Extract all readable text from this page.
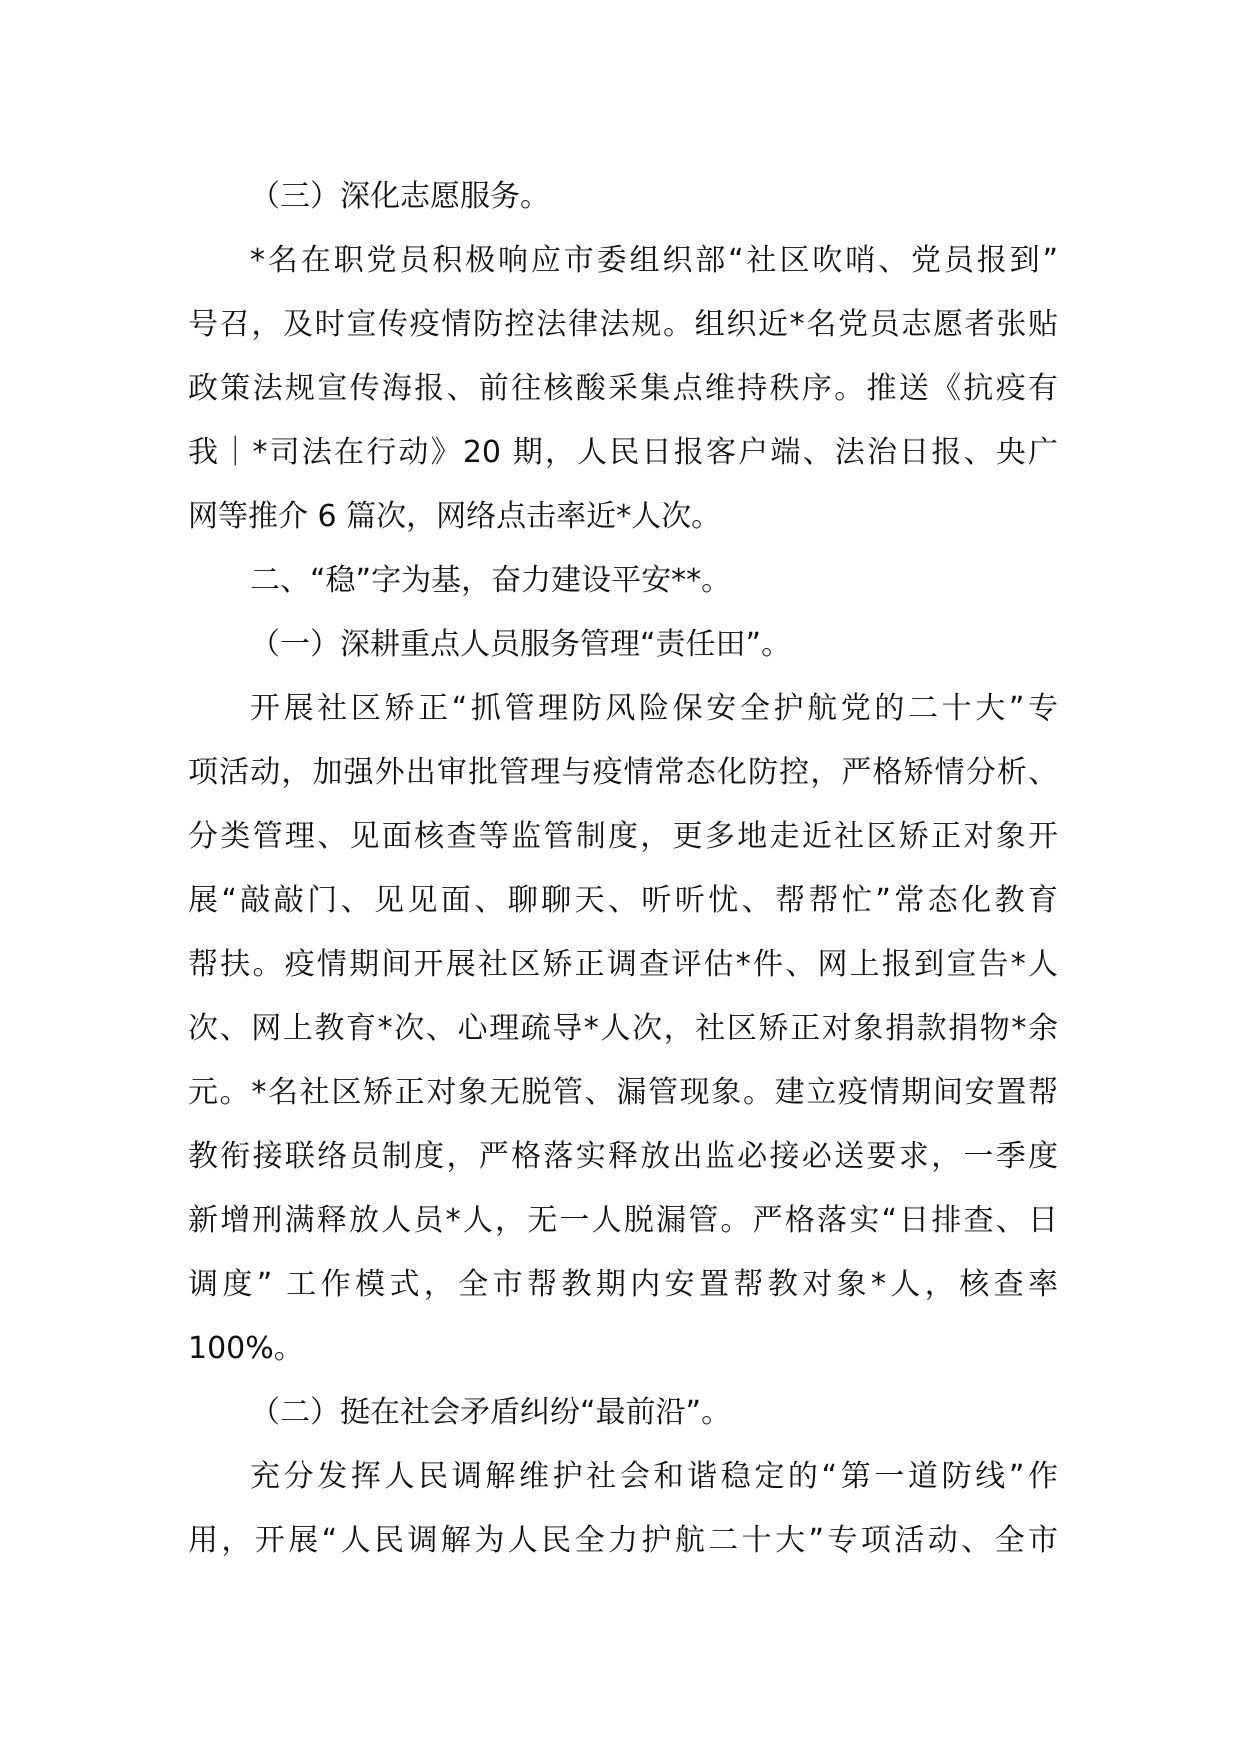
（三）深化志愿服务。

*名在职党员积极响应市委组织部“社区吹哨、党员报到”

号召，及时宣传疫情防控法律法规。组织近*名党员志愿者张贴

政策法规宣传海报、前往核酸采集点维持秩序。推送《抗疫有

我｜*司法在行动》20 期，人民日报客户端、法治日报、央广

网等推介 6 篇次，网络点击率近*人次。

二、“稳”字为基，奋力建设平安**。

（一）深耕重点人员服务管理“责任田”。

开展社区矫正“抓管理防风险保安全护航党的二十大”专

项活动，加强外出审批管理与疫情常态化防控，严格矫情分析、

分类管理、见面核查等监管制度，更多地走近社区矫正对象开

展“敲敲门、见见面、聊聊天、听听忧、帮帮忙”常态化教育

帮扶。疫情期间开展社区矫正调查评估*件、网上报到宣告*人

次、网上教育*次、心理疏导*人次，社区矫正对象捐款捐物*余

元。*名社区矫正对象无脱管、漏管现象。建立疫情期间安置帮

教衔接联络员制度，严格落实释放出监必接必送要求，一季度

新增刑满释放人员*人，无一人脱漏管。严格落实“日排查、日

调度” 工作模式，全市帮教期内安置帮教对象*人，核查率

100%。

（二）挺在社会矛盾纠纷“最前沿”。

充分发挥人民调解维护社会和谐稳定的“第一道防线”作

用，开展“人民调解为人民全力护航二十大”专项活动、全市
